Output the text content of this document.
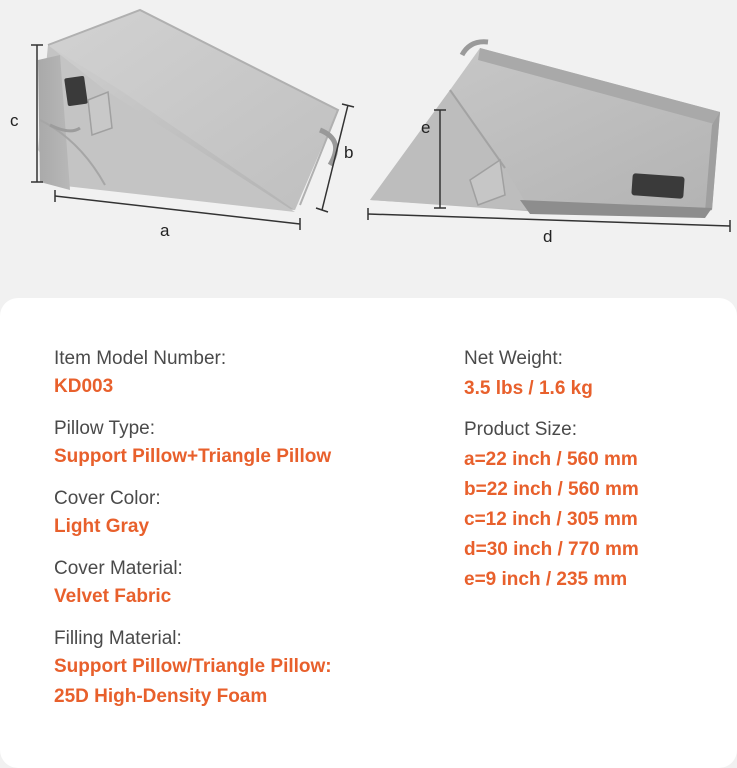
c
a
b
e
d
Item Model Number:
KD003
Pillow Type:
Support Pillow+Triangle Pillow
Cover Color:
Light Gray
Cover Material:
Velvet Fabric
Filling Material:
Support Pillow/Triangle Pillow:
25D High-Density Foam
Net Weight:
3.5 lbs / 1.6 kg
Product Size:
a=22 inch / 560 mm
b=22 inch / 560 mm
c=12 inch / 305 mm
d=30 inch / 770 mm
e=9 inch / 235 mm
